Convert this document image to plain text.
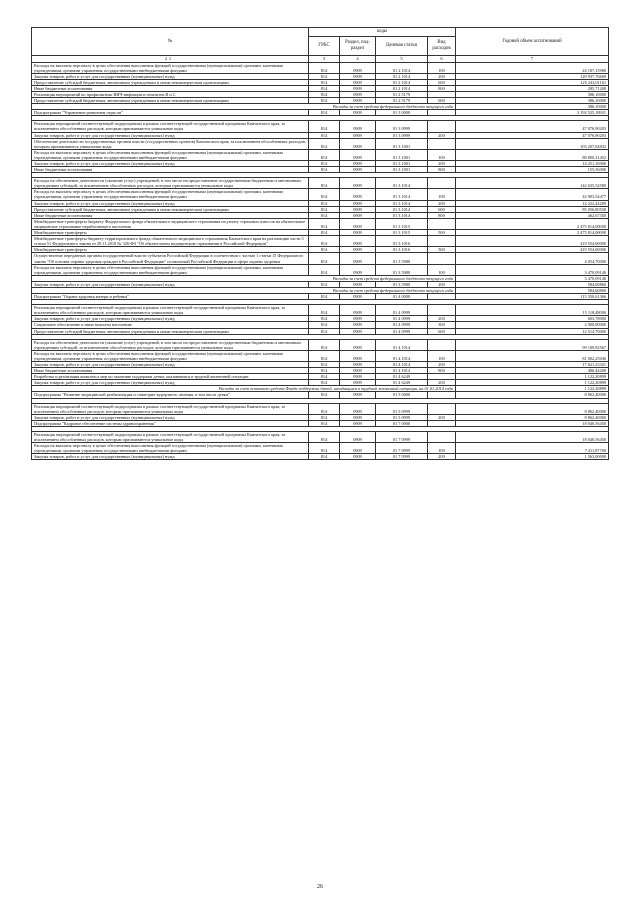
№	коды				Годовой объем ассигнований
	ГРБС	Раздел, под-раздел	Целевая статья	Вид расходов	
1	3	4	5	6	7
Расходы на выплаты персоналу в целях обеспечения выполнения функций государственными (муниципальными) органами, казенными учреждениями, органами управления государственными внебюджетными фондами	814	0909	01 2 1014	100	24 187,15980
Закупка товаров, работ и услуг для государственных (муниципальных) нужд	814	0909	01 2 1014	200	129 937,76600
Предоставление субсидий бюджетным, автономным учреждениям и иным некоммерческим организациям	814	0909	01 2 1014	600	125 242,01161
Иные бюджетные ассигнования	814	0909	01 2 1014	800	285,71208
Реализация мероприятий по профилактике ВИЧ-инфекции и гепатитов B и C	814	0909	01 2 5179		386,10000
Предоставление субсидий бюджетным, автономным учреждениям и иным некоммерческим организациям	814	0909	01 2 5179	600	386,10000
Расходы за счет средств федерального бюджета текущего года					386,10000
Подпрограмма "Управление развитием отрасли"	814	0909	01 3 0000		3 192 525,18921

Реализация мероприятий соответствующей подпрограммы в рамках соответствующей государственной программы Камчатского края, за исключением обособленных расходов, которым присваиваются уникальные коды	814	0909	01 3 0999		47 076,90203
Закупка товаров, работ и услуг для государственных (муниципальных) нужд	814	0909	01 3 0999	200	47 076,90203
Обеспечение деятельности государственных органов власти (государственных органов) Камчатского края, за исключением обособленных расходов, которым присваиваются уникальные коды	814	0909	01 3 1001		103 207,04832
Расходы на выплаты персоналу в целях обеспечения выполнения функций государственными (муниципальными) органами, казенными учреждениями, органами управления государственными внебюджетными фондами	814	0909	01 3 1001	100	88 800,31452
Закупка товаров, работ и услуг для государственных (муниципальных) нужд	814	0909	01 3 1001	200	14 251,16900
Иные бюджетные ассигнования	814	0909	01 3 1001	800	155,56000

Расходы на обеспечение деятельности (оказание услуг) учреждений, в том числе на предоставление государственным бюджетным и автономным учреждениям субсидий, за исключением обособленных расходов, которым присваиваются уникальные коды	814	0909	01 3 1014		142 635,54580
Расходы на выплаты персоналу в целях обеспечения выполнения функций государственными (муниципальными) органами, казенными учреждениями, органами управления государственными внебюджетными фондами	814	0909	01 3 1014	100	42 903,54477
Закупка товаров, работ и услуг для государственных (муниципальных) нужд	814	0909	01 3 1014	200	14 222,44209
Предоставление субсидий бюджетным, автономным учреждениям и иным некоммерческим организациям	814	0909	01 3 1014	600	85 056,80530
Иные бюджетные ассигнования	814	0909	01 3 1014	800	462,67350
Межбюджетные трансферты бюджету Федерального фонда обязательного медицинского страхования на уплату страховых взносов на обязательное медицинское страхование неработающего населения	814	0909	01 3 1015		2 475 814,00000
Межбюджетные трансферты	814	0909	01 3 1015	500	2 475 814,00000
Межбюджетные трансферты бюджету территориального фонда обязательного медицинского страхования Камчатского края на реализацию части 5 статьи 51 Федерального закона от 29.11.2010 № 326-ФЗ "Об обязательном медицинском страховании в Российской Федерации"	814	0909	01 3 1016		419 554,00000
Межбюджетные трансферты	814	0909	01 3 1016	500	419 554,00000
Осуществление переданных органам государственной власти субъектов Российской Федерации в соответствии с частью 1 статьи 15 Федерального закона "Об основах охраны здоровья граждан в Российской Федерации" полномочий Российской Федерации в сфере охраны здоровья	814	0909	01 3 5980		4 054,70000
Расходы на выплаты персоналу в целях обеспечения выполнения функций государственными (муниципальными) органами, казенными учреждениями, органами управления государственными внебюджетными фондами	814	0909	01 3 5980	100	3 470,09140
Расходы за счет средств федерального бюджета текущего года					3 470,09140
Закупка товаров, работ и услуг для государственных (муниципальных) нужд	814	0909	01 3 5980	200	584,60860
Расходы за счет средств федерального бюджета текущего года					584,60860
Подпрограмма "Охрана здоровья матери и ребенка"	814	0909	01 4 0000		115 350,61366

Реализация мероприятий соответствующей подпрограммы в рамках соответствующей государственной программы Камчатского края, за исключением обособленных расходов, которым присваиваются уникальные коды	814	0909	01 4 0999		15 118,48000
Закупка товаров, работ и услуг для государственных (муниципальных) нужд	814	0909	01 4 0999	200	603,78000
Социальное обеспечение и иные выплаты населению	814	0909	01 4 0999	300	2 000,00000
Предоставление субсидий бюджетным, автономным учреждениям и иным некоммерческим организациям	814	0909	01 4 0999	600	12 514,70000

Расходы на обеспечение деятельности (оказание услуг) учреждений, в том числе на предоставление государственным бюджетным и автономным учреждениям субсидий, за исключением обособленных расходов, которым присваиваются уникальные коды	814	0909	01 4 1014		99 109,92567
Расходы на выплаты персоналу в целях обеспечения выполнения функций государственными (муниципальными) органами, казенными учреждениями, органами управления государственными внебюджетными фондами	814	0909	01 4 1014	100	81 002,25046
Закупка товаров, работ и услуг для государственных (муниципальных) нужд	814	0909	01 4 1014	200	17 621,23321
Иные бюджетные ассигнования	814	0909	01 4 1014	800	486,44200
Разработка и реализация комплекса мер по оказанию поддержки детям, оказавшимся в трудной жизненной ситуации	814	0909	01 4 6249		1 122,20899
Закупка товаров, работ и услуг для государственных (муниципальных) нужд	814	0909	01 4 6249	200	1 122,20899
Расходы за счет остатков средств Фонда поддержки детей, находящихся в трудной жизненной ситуации, на 01.01.2014 года					1 122,20899
Подпрограмма "Развитие медицинской реабилитации и санаторно-курортного лечения, в том числе детям"	814	0909	01 5 0000		8 862,40000

Реализация мероприятий соответствующей подпрограммы в рамках соответствующей государственной программы Камчатского края, за исключением обособленных расходов, которым присваиваются уникальные коды	814	0909	01 5 0999		8 862,40000
Закупка товаров, работ и услуг для государственных (муниципальных) нужд	814	0909	01 5 0999	200	8 862,40000
Подпрограмма "Кадровое обеспечение системы здравоохранения"	814	0909	01 7 0000		18 040,56450

Реализация мероприятий соответствующей подпрограммы в рамках соответствующей государственной программы Камчатского края, за исключением обособленных расходов, которым присваиваются уникальные коды	814	0909	01 7 0999		18 040,56450
Расходы на выплаты персоналу в целях обеспечения выполнения функций государственными (муниципальными) органами, казенными учреждениями, органами управления государственными внебюджетными фондами	814	0909	01 7 0999	100	7 411,87700
Закупка товаров, работ и услуг для государственных (муниципальных) нужд	814	0909	01 7 0999	200	1 563,00000
2
26
